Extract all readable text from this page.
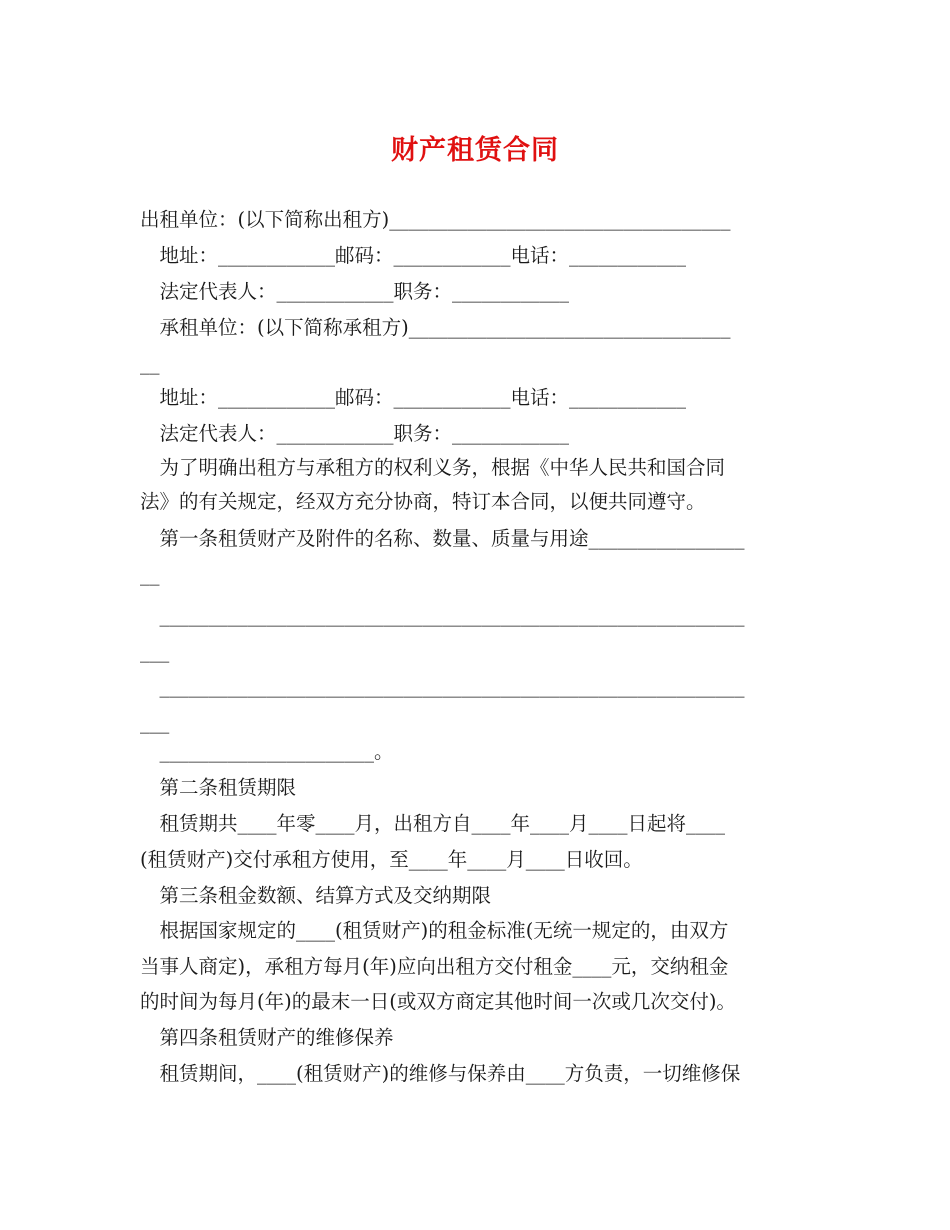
财产租赁合同
出租单位：(以下简称出租方)___________________________________
　地址：____________邮码：____________电话：____________
　法定代表人：____________职务：____________
　承租单位：(以下简称承租方)_________________________________
__
　地址：____________邮码：____________电话：____________
　法定代表人：____________职务：____________
　为了明确出租方与承租方的权利义务，根据《中华人民共和国合同
法》的有关规定，经双方充分协商，特订本合同，以便共同遵守。
　第一条租赁财产及附件的名称、数量、质量与用途________________
__
　____________________________________________________________
___
　____________________________________________________________
___
　______________________。
　第二条租赁期限
　租赁期共____年零____月，出租方自____年____月____日起将____
(租赁财产)交付承租方使用，至____年____月____日收回。
　第三条租金数额、结算方式及交纳期限
　根据国家规定的____(租赁财产)的租金标准(无统一规定的，由双方
当事人商定)，承租方每月(年)应向出租方交付租金____元，交纳租金
的时间为每月(年)的最末一日(或双方商定其他时间一次或几次交付)。
　第四条租赁财产的维修保养
　租赁期间，____(租赁财产)的维修与保养由____方负责，一切维修保
